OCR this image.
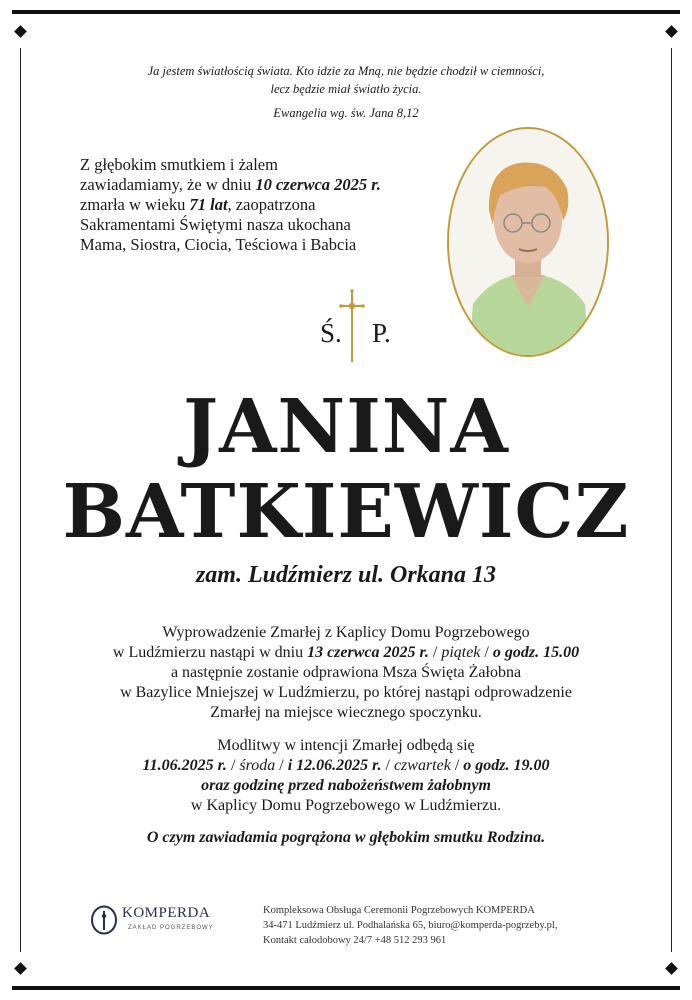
Ja jestem światłością świata. Kto idzie za Mną, nie będzie chodził w ciemności,
lecz będzie miał światło życia.
Ewangelia wg. św. Jana 8,12
Z głębokim smutkiem i żalem
zawiadamiamy, że w dniu 10 czerwca 2025 r.
zmarła w wieku 71 lat, zaopatrzona
Sakramentami Świętymi nasza ukochana
Mama, Siostra, Ciocia, Teściowa i Babcia
Ś. P.
JANINA
BATKIEWICZ
zam. Ludźmierz ul. Orkana 13
Wyprowadzenie Zmarłej z Kaplicy Domu Pogrzebowego
w Ludźmierzu nastąpi w dniu 13 czerwca 2025 r. / piątek / o godz. 15.00
a następnie zostanie odprawiona Msza Święta Żałobna
w Bazylice Mniejszej w Ludźmierzu, po której nastąpi odprowadzenie
Zmarłej na miejsce wiecznego spoczynku.
Modlitwy w intencji Zmarłej odbędą się
11.06.2025 r. / środa / i 12.06.2025 r. / czwartek / o godz. 19.00
oraz godzinę przed nabożeństwem żałobnym
w Kaplicy Domu Pogrzebowego w Ludźmierzu.
O czym zawiadamia pogrążona w głębokim smutku Rodzina.
KOMPERDA
ZAKŁAD POGRZEBOWY
Kompleksowa Obsługa Ceremonii Pogrzebowych KOMPERDA
34-471 Ludźmierz ul. Podhalańska 65, biuro@komperda-pogrzeby.pl,
Kontakt całodobowy 24/7 +48 512 293 961
